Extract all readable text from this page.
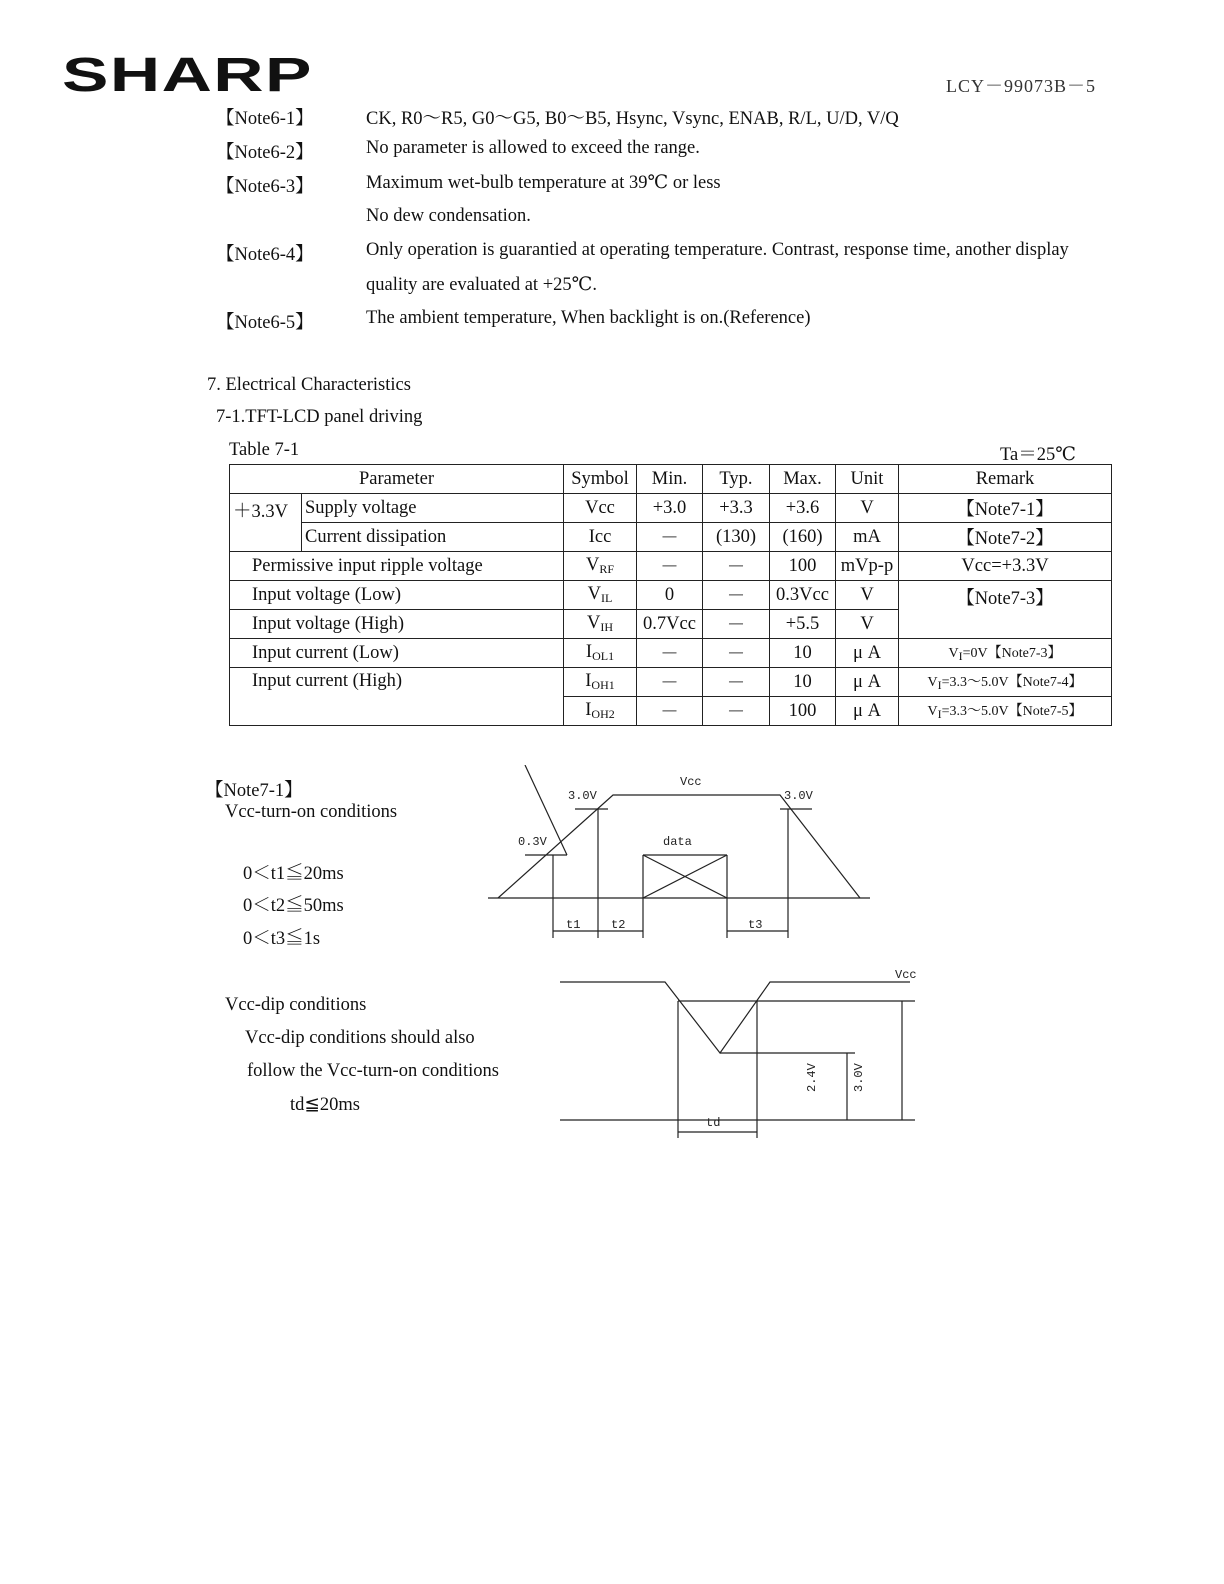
SHARP	LCY－99073B－5
【Note6-1】	CK, R0～R5, G0～G5, B0～B5, Hsync, Vsync, ENAB, R/L, U/D, V/Q
【Note6-2】	No parameter is allowed to exceed the range.
【Note6-3】	Maximum wet-bulb temperature at 39℃ or less
No dew condensation.
【Note6-4】	Only operation is guarantied at operating temperature. Contrast, response time, another display
quality are evaluated at +25℃.
【Note6-5】	The ambient temperature, When backlight is on.(Reference)
7. Electrical Characteristics
7-1.TFT-LCD panel driving
Table 7-1	Ta＝25℃
Parameter		Symbol	Min.	Typ.	Max.	Unit	Remark
＋3.3V	Supply voltage	Vcc	+3.0	+3.3	+3.6	V	【Note7-1】
	Current dissipation	Icc	－	(130)	(160)	mA	【Note7-2】
Permissive input ripple voltage		$V_{RF}$	－	－	100	mVp-p	Vcc=+3.3V
Input voltage (Low)		$V_{IL}$	0	－	0.3Vcc	V	【Note7-3】
Input voltage (High)		$V_{IH}$	0.7Vcc	－	+5.5	V	
Input current (Low)		$I_{OL1}$	－	－	10	μ A	$V_I=0V$【Note7-3】
Input current (High)		$I_{OH1}$	－	－	10	μ A	$V_I=3.3\sim 5.0V$【Note7-4】
		$I_{OH2}$	－	－	100	μ A	$V_I=3.3\sim 5.0V$【Note7-5】
【Note7-1】
Vcc-turn-on conditions
0＜t1≦20ms
0＜t2≦50ms
0＜t3≦1s
Vcc
3.0V	3.0V
0.3V	data
t1	t2	t3
Vcc-dip conditions
Vcc-dip conditions should also
follow the Vcc-turn-on conditions
td≦20ms
Vcc
2.4V	3.0V
td
